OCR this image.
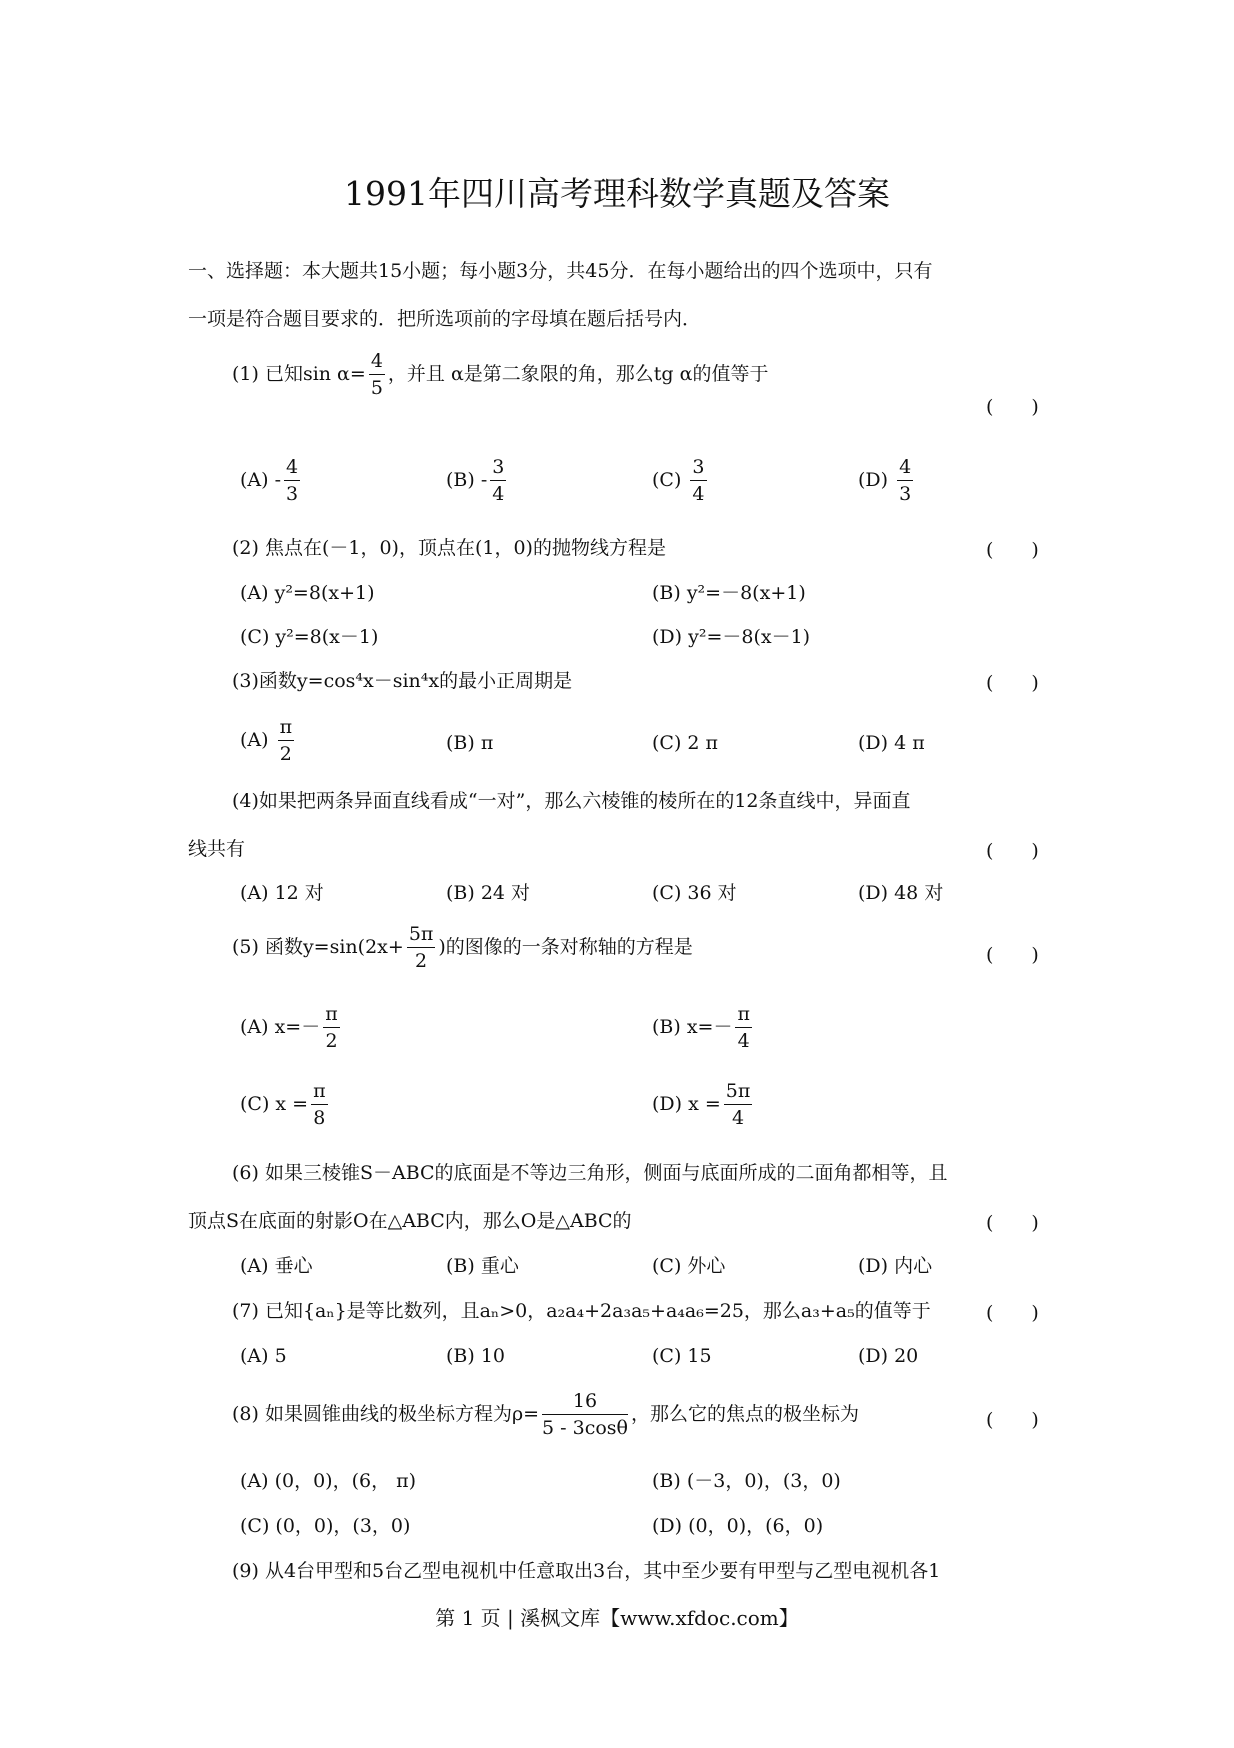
1991年四川高考理科数学真题及答案
一、选择题：本大题共15小题；每小题3分，共45分．在每小题给出的四个选项中，只有
一项是符合题目要求的．把所选项前的字母填在题后括号内．
(1) 已知$\sin \alpha= \frac{4}{5}$ ，并且 α是第二象限的角，那么tg α的值等于
(　　)
$(A) - \frac{4}{3}$	$(B) - \frac{3}{4}$	$(C) \frac{3}{4}$	$(D) \frac{4}{3}$
(2) 焦点在(－1，0)，顶点在(1，0)的抛物线方程是	(　　)
(A) y²=8(x+1)	(B) y²=－8(x+1)
(C) y²=8(x－1)	(D) y²=－8(x－1)
(3)函数y=cos⁴x－sin⁴x的最小正周期是	(　　)
$(A) \frac{\pi}{2}$	(B) π	(C) 2 π	(D) 4 π
(4)如果把两条异面直线看成“一对”，那么六棱锥的棱所在的12条直线中，异面直
线共有	(　　)
(A) 12 对	(B) 24 对	(C) 36 对	(D) 48 对
(5) 函数$y=\sin(2x+ \frac{5\pi}{2}$ )的图像的一条对称轴的方程是	(　　)
(A) $x=- \frac{\pi}{2}$	(B) $x=- \frac{\pi}{4}$
(C) $x = \frac{\pi}{8}$	(D) $x = \frac{5\pi}{4}$
(6) 如果三棱锥S－ABC的底面是不等边三角形，侧面与底面所成的二面角都相等，且
顶点S在底面的射影O在△ABC内，那么O是△ABC的	(　　)
(A) 垂心	(B) 重心	(C) 外心	(D) 内心
(7) 已知{aₙ}是等比数列，且aₙ>0，a₂a₄+2a₃a₅+a₄a₆=25，那么a₃+a₅的值等于	(　　)
(A) 5	(B) 10	(C) 15	(D) 20
(8) 如果圆锥曲线的极坐标方程为$\rho= \frac{16}{5 - 3\cos\theta}$ ，那么它的焦点的极坐标为	(　　)
(A) (0，0)，(6， π)	(B) (－3，0)，(3，0)
(C) (0，0)，(3，0)	(D) (0，0)，(6，0)
(9) 从4台甲型和5台乙型电视机中任意取出3台，其中至少要有甲型与乙型电视机各1
第 1 页 | 溪枫文库【www.xfdoc.com】
